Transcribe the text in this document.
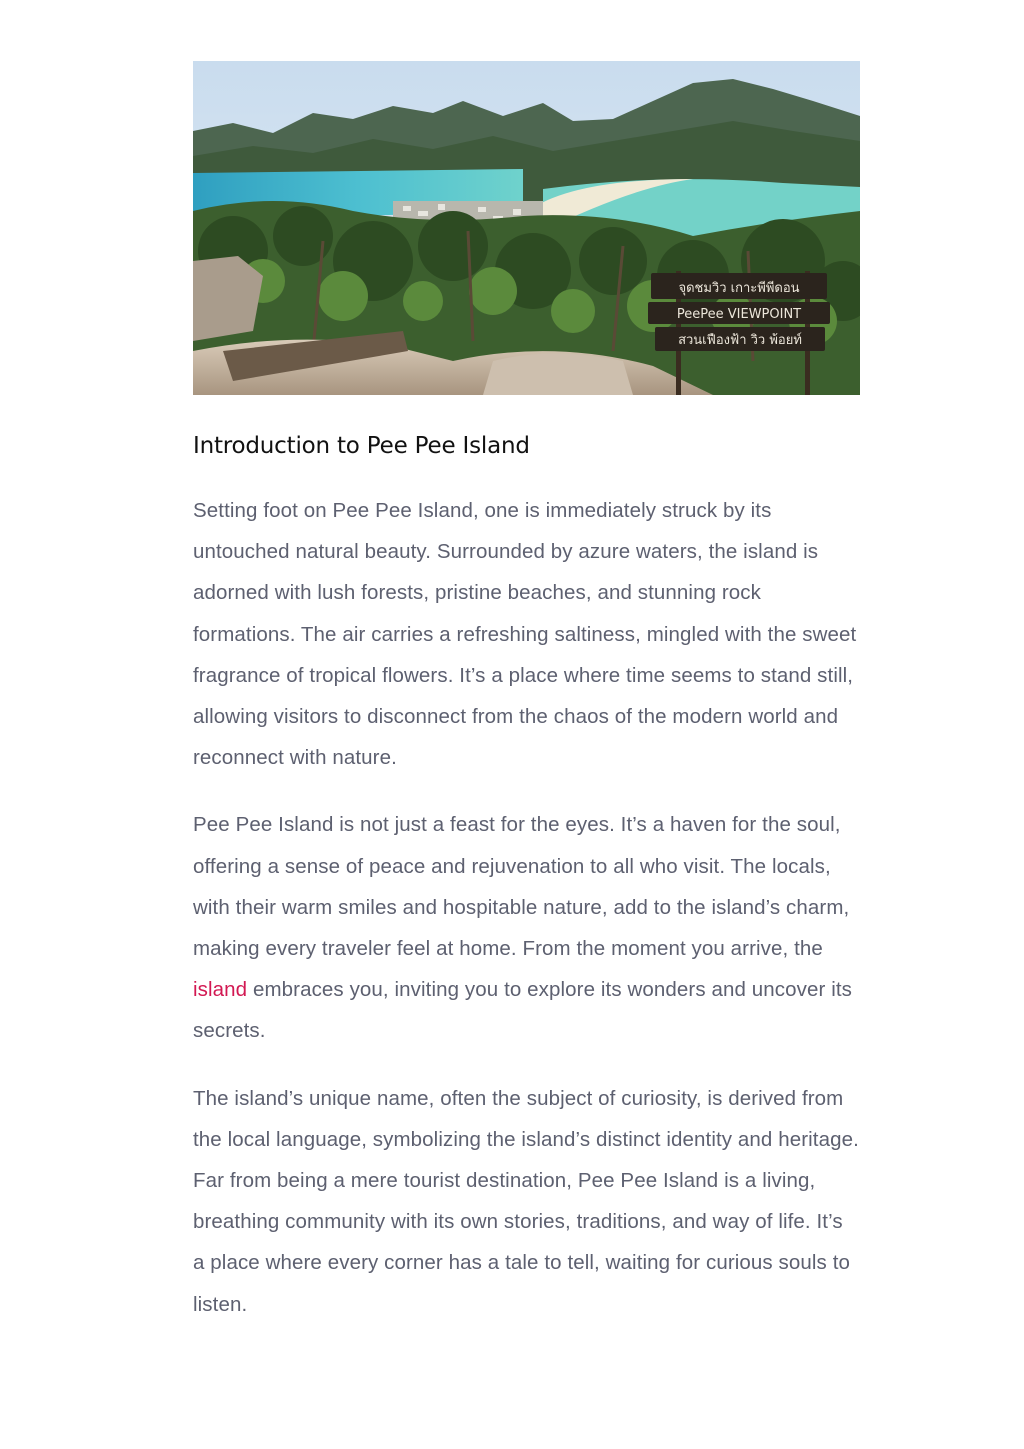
จุดชมวิว เกาะพีพีดอน
PeePee VIEWPOINT
สวนเฟืองฟ้า วิว พ้อยท์
Introduction to Pee Pee Island

Setting foot on Pee Pee Island, one is immediately struck by its untouched natural beauty. Surrounded by azure waters, the island is adorned with lush forests, pristine beaches, and stunning rock formations. The air carries a refreshing saltiness, mingled with the sweet fragrance of tropical flowers. It’s a place where time seems to stand still, allowing visitors to disconnect from the chaos of the modern world and reconnect with nature.

Pee Pee Island is not just a feast for the eyes. It’s a haven for the soul, offering a sense of peace and rejuvenation to all who visit. The locals, with their warm smiles and hospitable nature, add to the island’s charm, making every traveler feel at home. From the moment you arrive, the island embraces you, inviting you to explore its wonders and uncover its secrets.

The island’s unique name, often the subject of curiosity, is derived from the local language, symbolizing the island’s distinct identity and heritage. Far from being a mere tourist destination, Pee Pee Island is a living, breathing community with its own stories, traditions, and way of life. It’s a place where every corner has a tale to tell, waiting for curious souls to listen.
